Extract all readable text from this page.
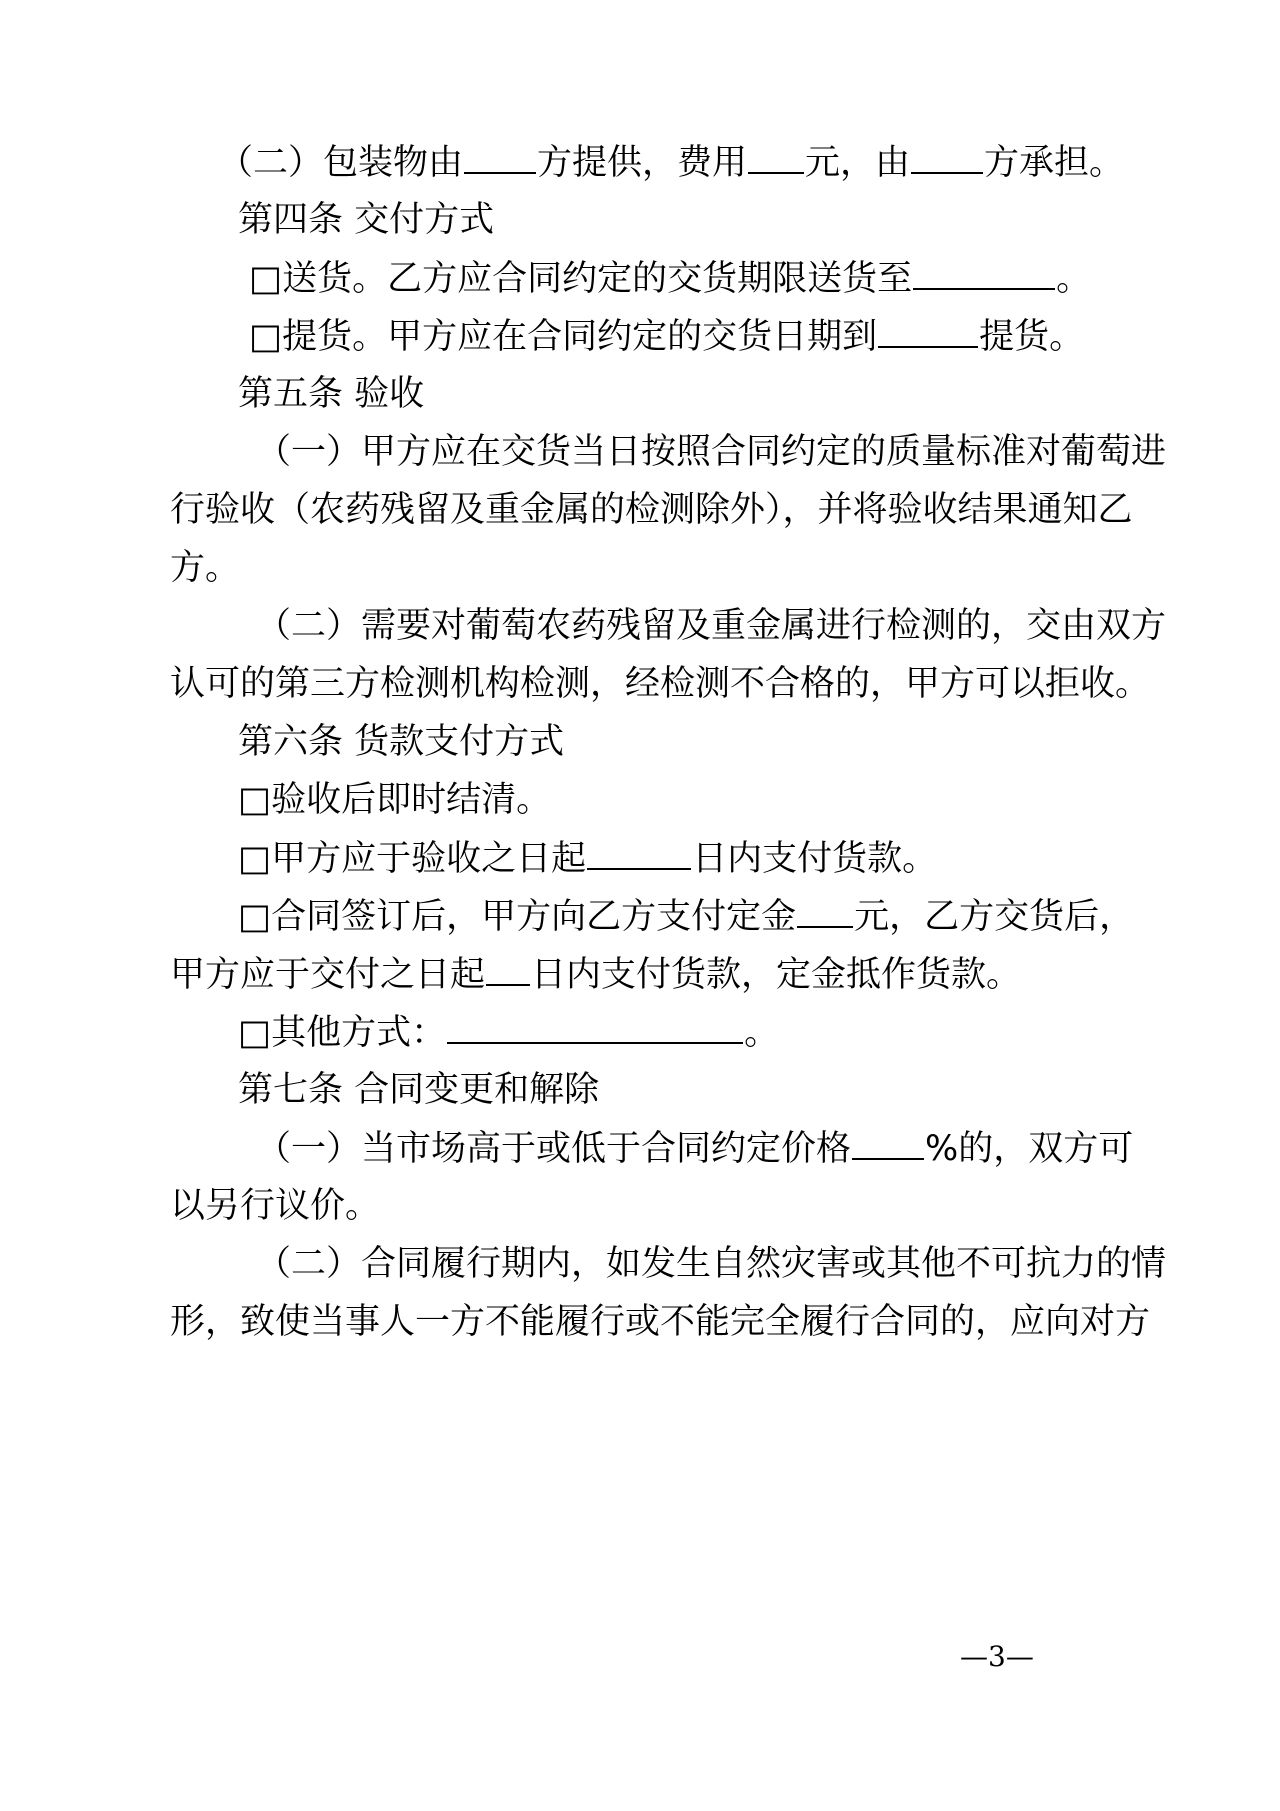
（二）包装物由 方提供，费用 元，由 方承担。
第四条 交付方式
□送货。乙方应合同约定的交货期限送货至	。
□提货。甲方应在合同约定的交货日期到	提货。
第五条 验收
（一）甲方应在交货当日按照合同约定的质量标准对葡萄进
行验收（农药残留及重金属的检测除外），并将验收结果通知乙
方。
（二）需要对葡萄农药残留及重金属进行检测的，交由双方
认可的第三方检测机构检测，经检测不合格的，甲方可以拒收。
第六条 货款支付方式
□验收后即时结清。
□甲方应于验收之日起	日内支付货款。
□合同签订后，甲方向乙方支付定金 元，乙方交货后，
甲方应于交付之日起 日内支付货款，定金抵作货款。
□其他方式：	。
第七条 合同变更和解除
（一）当市场高于或低于合同约定价格 %的，双方可
以另行议价。
（二）合同履行期内，如发生自然灾害或其他不可抗力的情
形，致使当事人一方不能履行或不能完全履行合同的，应向对方
—3—
